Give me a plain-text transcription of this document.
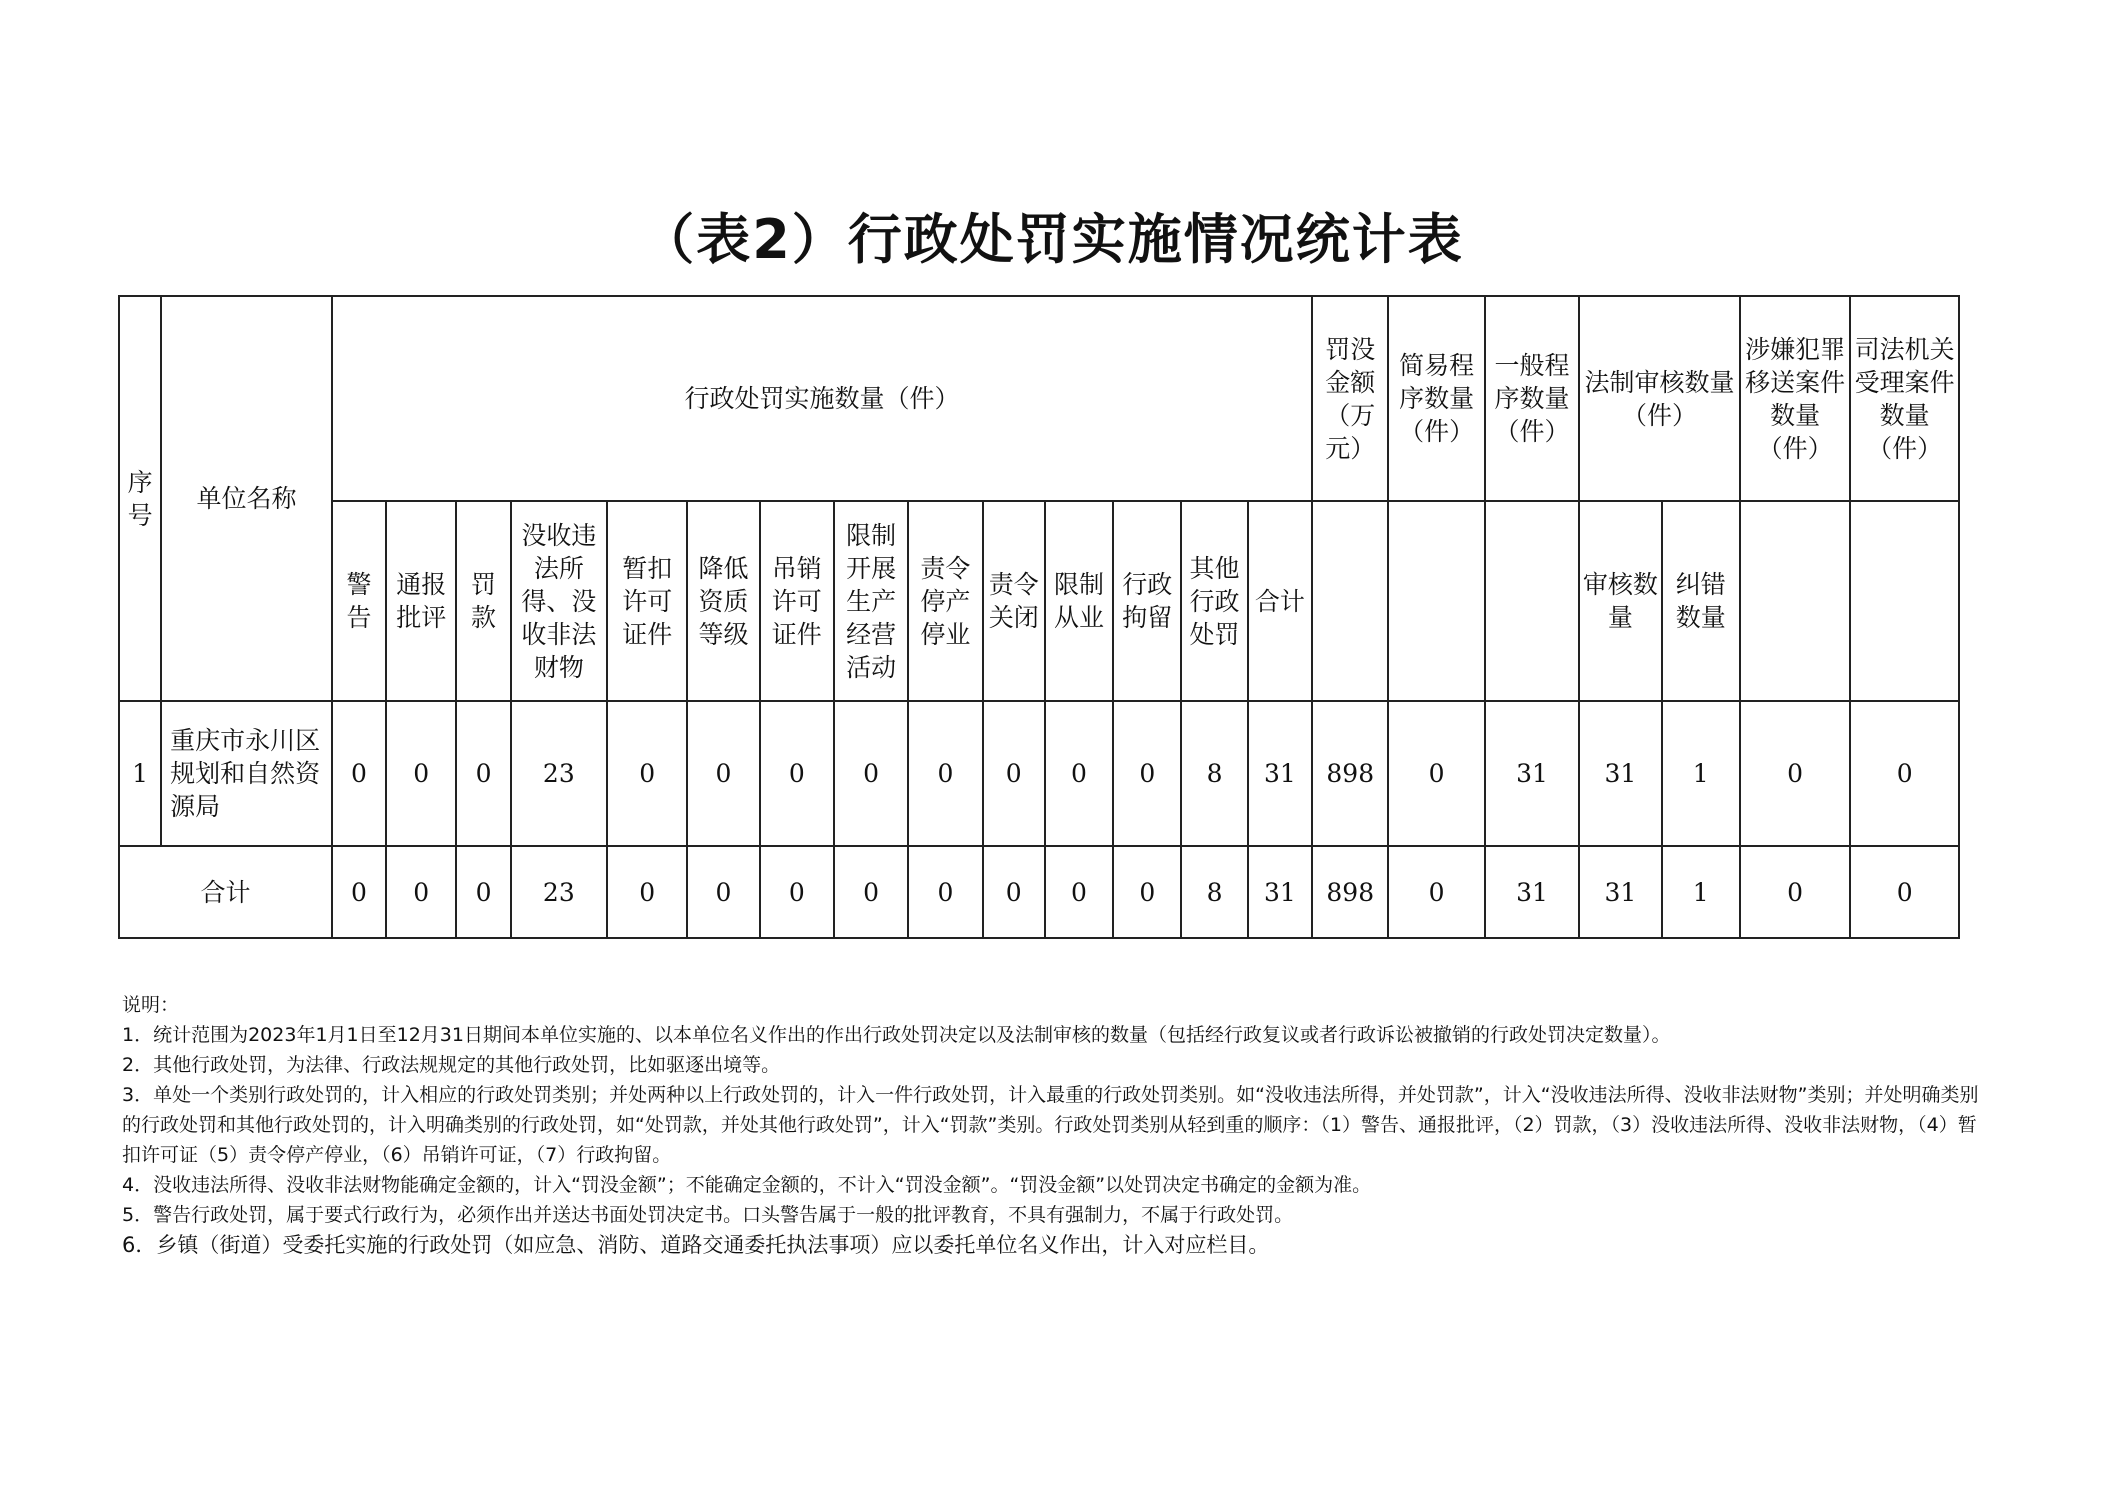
（表2）行政处罚实施情况统计表
序号	单位名称	行政处罚实施数量（件）														罚没金额（万元）	简易程序数量（件）	一般程序数量（件）	法制审核数量（件）		涉嫌犯罪移送案件数量（件）	司法机关受理案件数量（件）
		警告	通报批评	罚款	没收违法所得、没收非法财物	暂扣许可证件	降低资质等级	吊销许可证件	限制开展生产经营活动	责令停产停业	责令关闭	限制从业	行政拘留	其他行政处罚	合计				审核数量	纠错数量		
1	重庆市永川区规划和自然资源局	0	0	0	23	0	0	0	0	0	0	0	0	8	31	898	0	31	31	1	0	0
合计		0	0	0	23	0	0	0	0	0	0	0	0	8	31	898	0	31	31	1	0	0
说明：
1．统计范围为2023年1月1日至12月31日期间本单位实施的、以本单位名义作出的作出行政处罚决定以及法制审核的数量（包括经行政复议或者行政诉讼被撤销的行政处罚决定数量）。
2．其他行政处罚，为法律、行政法规规定的其他行政处罚，比如驱逐出境等。
3．单处一个类别行政处罚的，计入相应的行政处罚类别；并处两种以上行政处罚的，计入一件行政处罚，计入最重的行政处罚类别。如“没收违法所得，并处罚款”，计入“没收违法所得、没收非法财物”类别；并处明确类别的行政处罚和其他行政处罚的，计入明确类别的行政处罚，如“处罚款，并处其他行政处罚”，计入“罚款”类别。行政处罚类别从轻到重的顺序：（1）警告、通报批评，（2）罚款，（3）没收违法所得、没收非法财物，（4）暂扣许可证（5）责令停产停业，（6）吊销许可证，（7）行政拘留。
4．没收违法所得、没收非法财物能确定金额的，计入“罚没金额”；不能确定金额的，不计入“罚没金额”。“罚没金额”以处罚决定书确定的金额为准。
5．警告行政处罚，属于要式行政行为，必须作出并送达书面处罚决定书。口头警告属于一般的批评教育，不具有强制力，不属于行政处罚。
6．乡镇（街道）受委托实施的行政处罚（如应急、消防、道路交通委托执法事项）应以委托单位名义作出，计入对应栏目。
